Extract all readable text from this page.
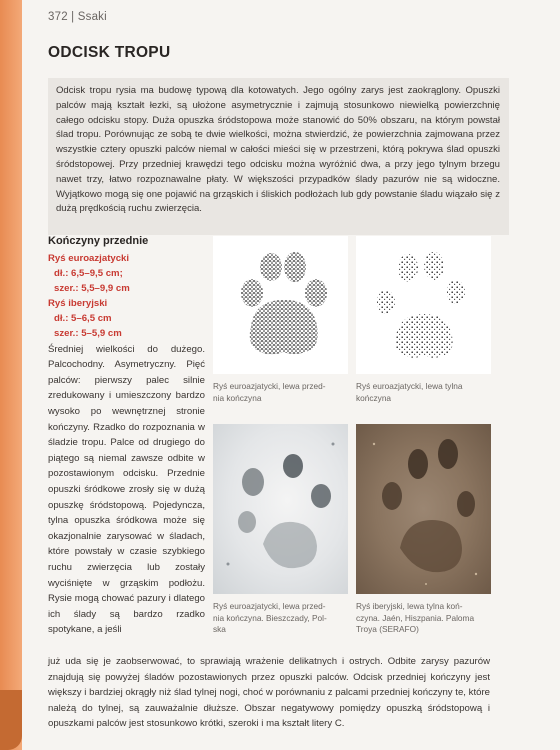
372 | Ssaki
ODCISK TROPU

Odcisk tropu rysia ma budowę typową dla kotowatych. Jego ogólny zarys jest zaokrąglony. Opuszki palców mają kształt łezki, są ułożone asymetrycznie i zajmują stosunkowo niewielką powierzchnię całego odcisku stopy. Duża opuszka śródstopowa może stanowić do 50% obszaru, na którym powstał ślad tropu. Porównując ze sobą te dwie wielkości, można stwierdzić, że powierzchnia zajmowana przez wszystkie cztery opuszki palców niemal w całości mieści się w przestrzeni, którą pokrywa ślad opuszki śródstopowej. Przy przedniej krawędzi tego odcisku można wyróżnić dwa, a przy jego tylnym brzegu nawet trzy, łatwo rozpoznawalne płaty. W większości przypadków ślady pazurów nie są widoczne. Wyjątkowo mogą się one pojawić na grząskich i śliskich podłożach lub gdy powstanie śladu wiązało się z dużą prędkością ruchu zwierzęcia.

Kończyny przednie
Ryś euroazjatycki
dł.: 6,5–9,5 cm;
szer.: 5,5–9,9 cm
Ryś iberyjski
dł.: 5–6,5 cm
szer.: 5–5,9 cm

Średniej wielkości do dużego. Palcochodny. Asymetryczny. Pięć palców: pierwszy palec silnie zredukowany i umieszczony bardzo wysoko po wewnętrznej stronie kończyny. Rzadko do rozpoznania w śladzie tropu. Palce od drugiego do piątego są niemal zawsze odbite w pozostawionym odcisku. Przednie opuszki śródkowe zrosły się w dużą opuszkę śródstopową. Pojedyncza, tylna opuszka śródkowa może się okazjonalnie zarysować w śladach, które powstały w czasie szybkiego ruchu zwierzęcia lub zostały wyciśnięte w grząskim podłożu. Rysie mogą chować pazury i dlatego ich ślady są bardzo rzadko spotykane, a jeśli

Ryś euroazjatycki, lewa przed-
nia kończyna
Ryś euroazjatycki, lewa tylna
kończyna
Ryś euroazjatycki, lewa przed-
nia kończyna. Bieszczady, Pol-
ska
Ryś iberyjski, lewa tylna koń-
czyna. Jaén, Hiszpania. Paloma
Troya (SERAFO)

już uda się je zaobserwować, to sprawiają wrażenie delikatnych i ostrych. Odbite zarysy pazurów znajdują się powyżej śladów pozostawionych przez opuszki palców. Odcisk przedniej kończyny jest większy i bardziej okrągły niż ślad tylnej nogi, choć w porównaniu z palcami przedniej kończyny te, które należą do tylnej, są zauważalnie dłuższe. Obszar negatywowy pomiędzy opuszką śródstopową i opuszkami palców jest stosunkowo krótki, szeroki i ma kształt litery C.
